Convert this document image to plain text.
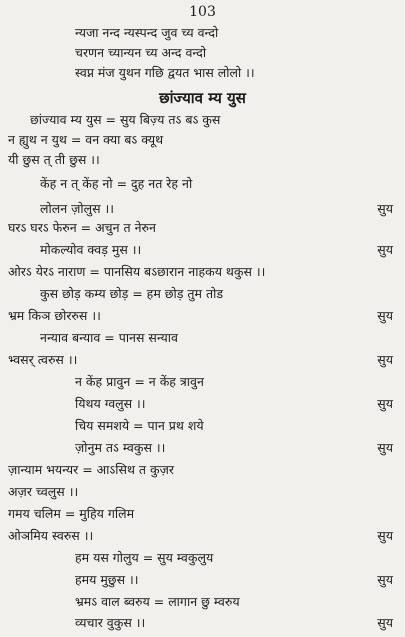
103
न्यजा नन्द न्यस्पन्द जुव च्य वन्दो
चरणन च्यान्यन च्य अन्द वन्दो
स्वप्न मंज युथन गछि द्वयत भास लोलो ।।
छांज्याव म्य युस
छांज्याव म्य युस = सुय बिज़्य तऽ बऽ कुस
न ह्युथ न युथ = वन क्या बऽ क्यूथ
यी छुस त् ती छुस ।।
केंह न त् केंह नो = दुह नत रेह नो
लोलन ज़ोलुस ।।	सुय
घरऽ घरऽ फेरुन = अचुन त नेरुन
मोकल्योव क्वड़ मुस ।।	सुय
ओरऽ येरऽ नाराण = पानसिय बऽछारान नाहकय थकुस ।।
कुस छोड़ कम्य छोड़ = हम छोड़ तुम तोड
भ्रम किञ छोररुस ।।	सुय
नन्याव बन्याव = पानस सन्याव
भ्वसर् त्वरुस ।।	सुय
न केंह प्रावुन = न केंह त्रावुन
यिथय ग्वलुस ।।	सुय
चिय समशये = पान प्रथ शये
ज़ोनुम तऽ म्वकुस ।।	सुय
ज़ान्याम भयन्यर = आऽसिथ त कुज़र
अज़र च्वलुस ।।
गमय चलिम = मुहिय गलिम
ओञमिय स्वरुस ।।	सुय
हम यस गोलुय = सुय म्वकुलुय
हमय मुछुस ।।	सुय
भ्रमऽ वाल ब्वरुय = लागान छु म्वरुय
व्यचार वुकुस ।।	सुय
